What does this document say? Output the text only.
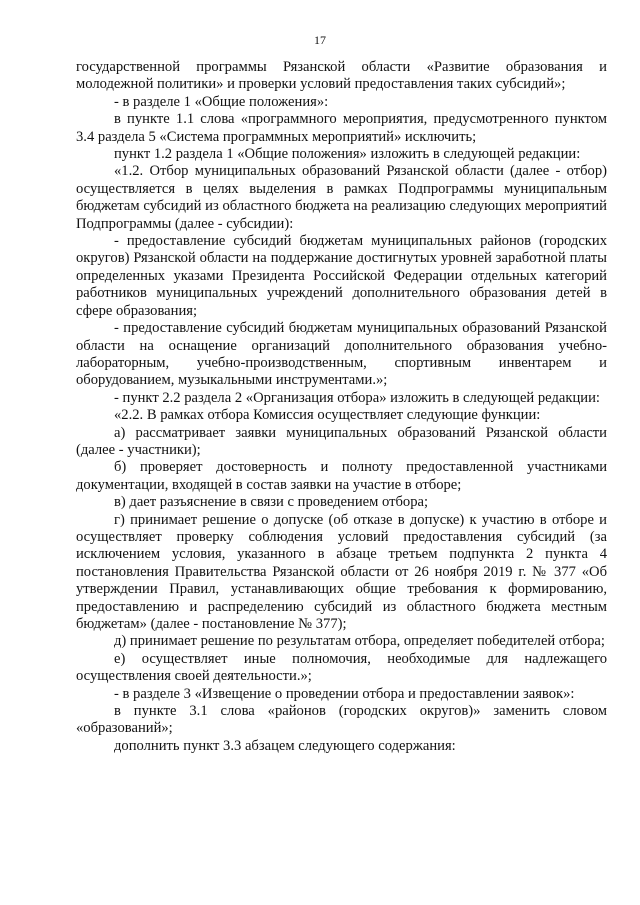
17

государственной программы Рязанской области «Развитие образования и молодежной политики» и проверки условий предоставления таких субсидий»;

- в разделе 1 «Общие положения»:

в пункте 1.1 слова «программного мероприятия, предусмотренного пунктом 3.4 раздела 5 «Система программных мероприятий» исключить;

пункт 1.2 раздела 1 «Общие положения» изложить в следующей редакции:

«1.2. Отбор муниципальных образований Рязанской области (далее - отбор) осуществляется в целях выделения в рамках Подпрограммы муниципальным бюджетам субсидий из областного бюджета на реализацию следующих мероприятий Подпрограммы (далее - субсидии):

- предоставление субсидий бюджетам муниципальных районов (городских округов) Рязанской области на поддержание достигнутых уровней заработной платы определенных указами Президента Российской Федерации отдельных категорий работников муниципальных учреждений дополнительного образования детей в сфере образования;

- предоставление субсидий бюджетам муниципальных образований Рязанской области на оснащение организаций дополнительного образования учебно-лабораторным, учебно-производственным, спортивным инвентарем и оборудованием, музыкальными инструментами.»;

- пункт 2.2 раздела 2 «Организация отбора» изложить в следующей редакции:

«2.2. В рамках отбора Комиссия осуществляет следующие функции:

а) рассматривает заявки муниципальных образований Рязанской области (далее - участники);

б) проверяет достоверность и полноту предоставленной участниками документации, входящей в состав заявки на участие в отборе;

в) дает разъяснение в связи с проведением отбора;

г) принимает решение о допуске (об отказе в допуске) к участию в отборе и осуществляет проверку соблюдения условий предоставления субсидий (за исключением условия, указанного в абзаце третьем подпункта 2 пункта 4 постановления Правительства Рязанской области от 26 ноября 2019 г. № 377 «Об утверждении Правил, устанавливающих общие требования к формированию, предоставлению и распределению субсидий из областного бюджета местным бюджетам» (далее - постановление № 377);

д) принимает решение по результатам отбора, определяет победителей отбора;

е) осуществляет иные полномочия, необходимые для надлежащего осуществления своей деятельности.»;

- в разделе 3 «Извещение о проведении отбора и предоставлении заявок»:

в пункте 3.1 слова «районов (городских округов)» заменить словом «образований»;

дополнить пункт 3.3 абзацем следующего содержания:
